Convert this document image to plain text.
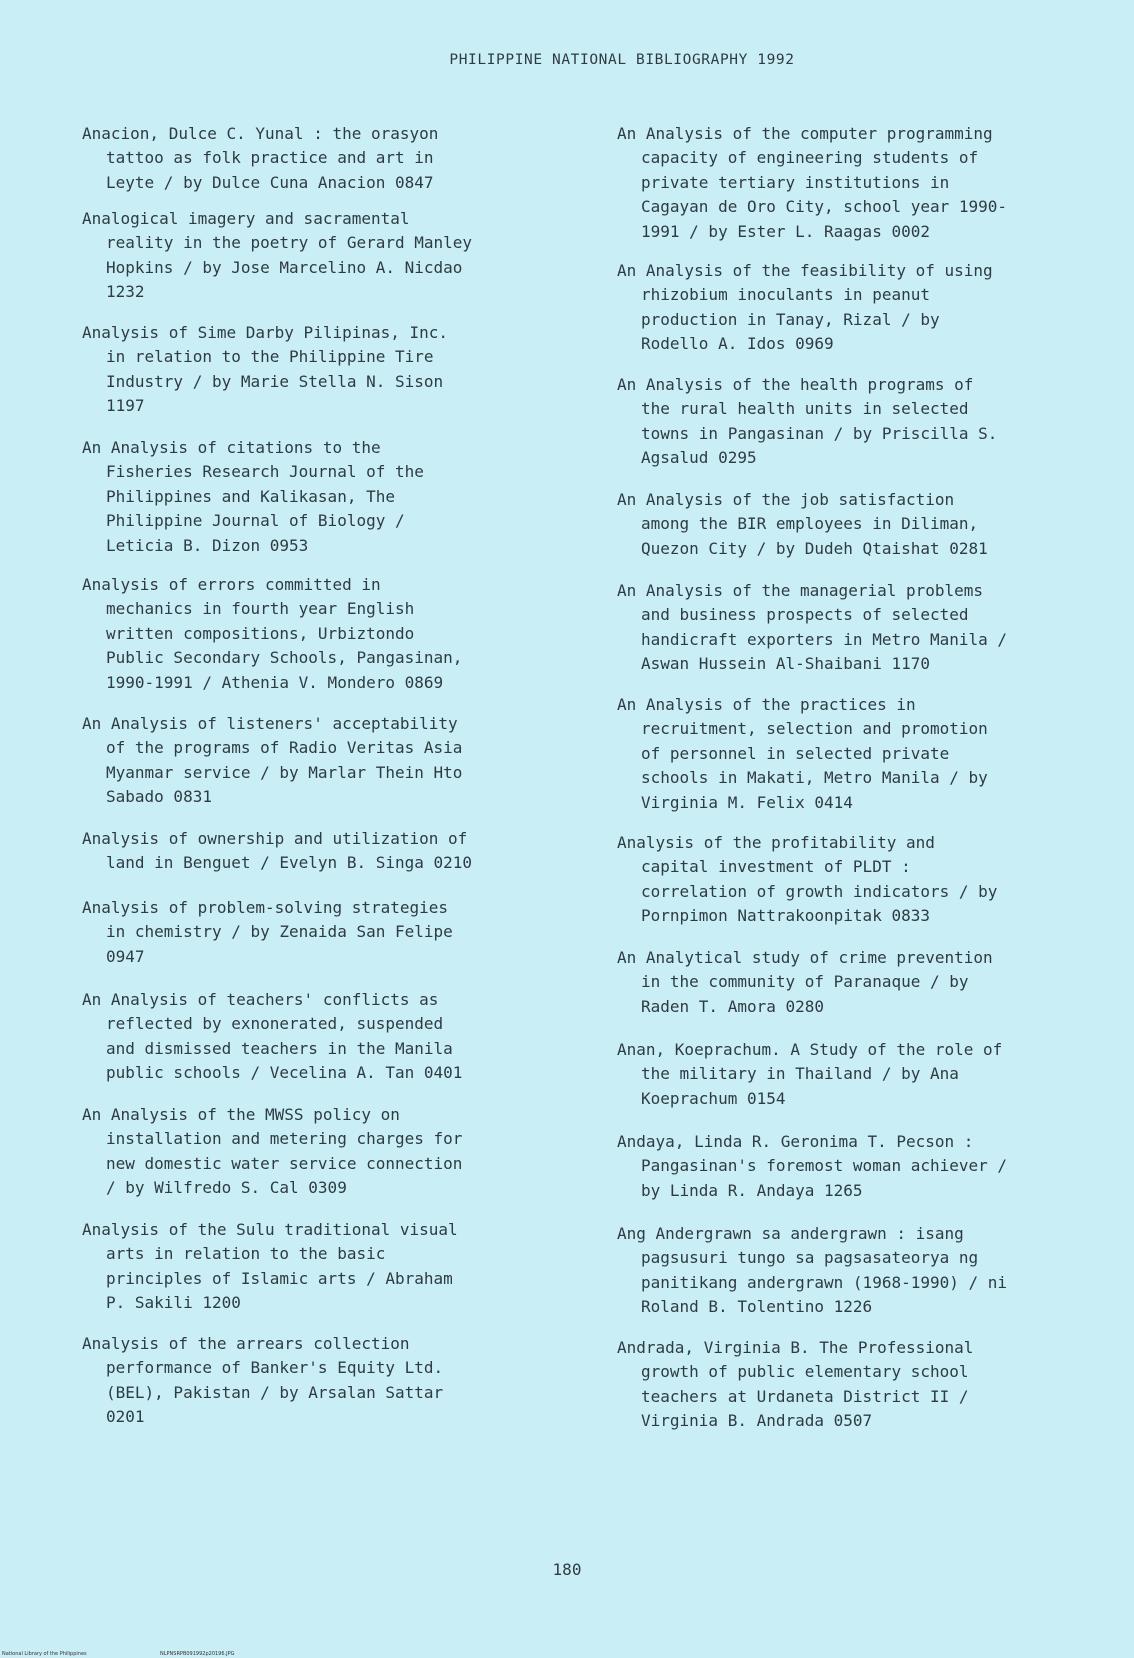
PHILIPPINE NATIONAL BIBLIOGRAPHY 1992
Anacion, Dulce C. Yunal : the orasyon
tattoo as folk practice and art in
Leyte / by Dulce Cuna Anacion 0847
Analogical imagery and sacramental
reality in the poetry of Gerard Manley
Hopkins / by Jose Marcelino A. Nicdao
1232
Analysis of Sime Darby Pilipinas, Inc.
in relation to the Philippine Tire
Industry / by Marie Stella N. Sison
1197
An Analysis of citations to the
Fisheries Research Journal of the
Philippines and Kalikasan, The
Philippine Journal of Biology /
Leticia B. Dizon 0953
Analysis of errors committed in
mechanics in fourth year English
written compositions, Urbiztondo
Public Secondary Schools, Pangasinan,
1990-1991 / Athenia V. Mondero 0869
An Analysis of listeners' acceptability
of the programs of Radio Veritas Asia
Myanmar service / by Marlar Thein Hto
Sabado 0831
Analysis of ownership and utilization of
land in Benguet / Evelyn B. Singa 0210
Analysis of problem-solving strategies
in chemistry / by Zenaida San Felipe
0947
An Analysis of teachers' conflicts as
reflected by exnonerated, suspended
and dismissed teachers in the Manila
public schools / Vecelina A. Tan 0401
An Analysis of the MWSS policy on
installation and metering charges for
new domestic water service connection
/ by Wilfredo S. Cal 0309
Analysis of the Sulu traditional visual
arts in relation to the basic
principles of Islamic arts / Abraham
P. Sakili 1200
Analysis of the arrears collection
performance of Banker's Equity Ltd.
(BEL), Pakistan / by Arsalan Sattar
0201
An Analysis of the computer programming
capacity of engineering students of
private tertiary institutions in
Cagayan de Oro City, school year 1990-
1991 / by Ester L. Raagas 0002
An Analysis of the feasibility of using
rhizobium inoculants in peanut
production in Tanay, Rizal / by
Rodello A. Idos 0969
An Analysis of the health programs of
the rural health units in selected
towns in Pangasinan / by Priscilla S.
Agsalud 0295
An Analysis of the job satisfaction
among the BIR employees in Diliman,
Quezon City / by Dudeh Qtaishat 0281
An Analysis of the managerial problems
and business prospects of selected
handicraft exporters in Metro Manila /
Aswan Hussein Al-Shaibani 1170
An Analysis of the practices in
recruitment, selection and promotion
of personnel in selected private
schools in Makati, Metro Manila / by
Virginia M. Felix 0414
Analysis of the profitability and
capital investment of PLDT :
correlation of growth indicators / by
Pornpimon Nattrakoonpitak 0833
An Analytical study of crime prevention
in the community of Paranaque / by
Raden T. Amora 0280
Anan, Koeprachum. A Study of the role of
the military in Thailand / by Ana
Koeprachum 0154
Andaya, Linda R. Geronima T. Pecson :
Pangasinan's foremost woman achiever /
by Linda R. Andaya 1265
Ang Andergrawn sa andergrawn : isang
pagsusuri tungo sa pagsasateorya ng
panitikang andergrawn (1968-1990) / ni
Roland B. Tolentino 1226
Andrada, Virginia B. The Professional
growth of public elementary school
teachers at Urdaneta District II /
Virginia B. Andrada 0507
180
National Library of the Philippines	NLPNSRPB091992p20196.JPG
